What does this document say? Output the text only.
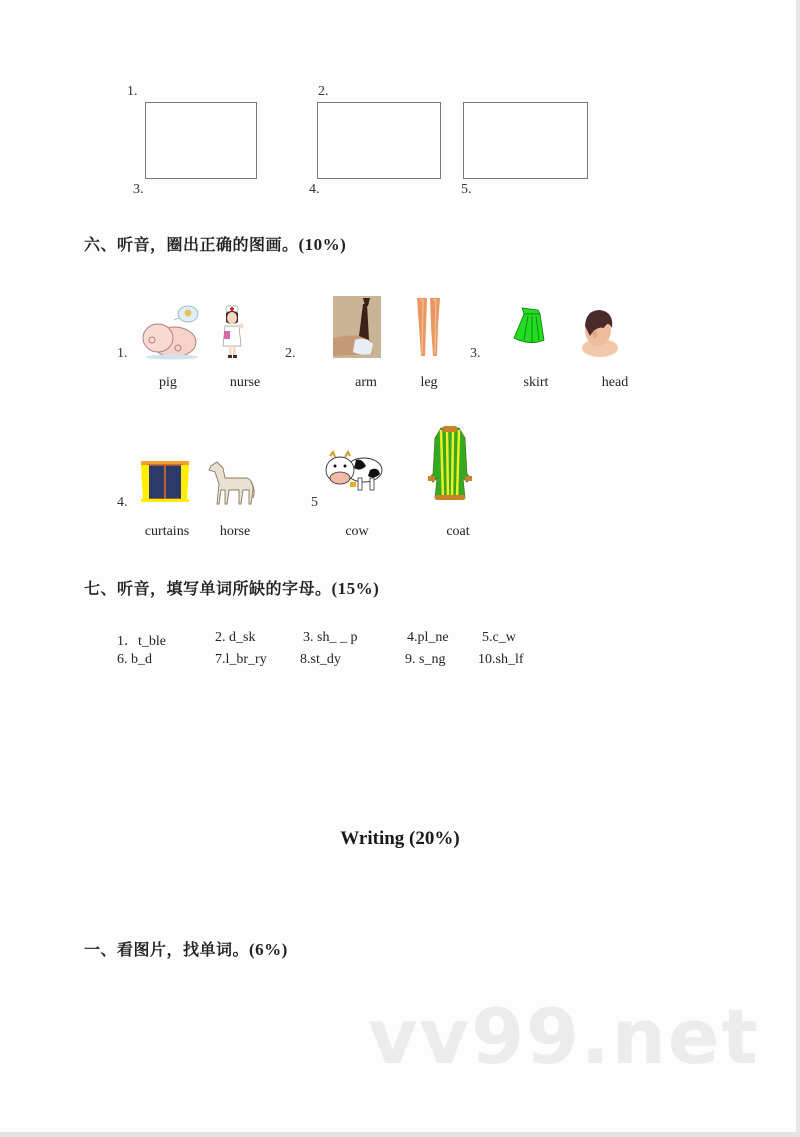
1.	2.
3.	4.	5.
六、听音，圈出正确的图画。(10%)
1.
pig	nurse
2.
arm	leg
3.
skirt	head
4.
curtains	horse
5
cow	coat
七、听音，填写单词所缺的字母。(15%)
1．t_ble	2. d_sk	3. sh_ _ p	4.pl_ne 5.c_w
6. b_d	7.l_br_ry 8.st_dy	9. s_ng 10.sh_lf
Writing (20%)
一、看图片，找单词。(6%)
vv99.net
